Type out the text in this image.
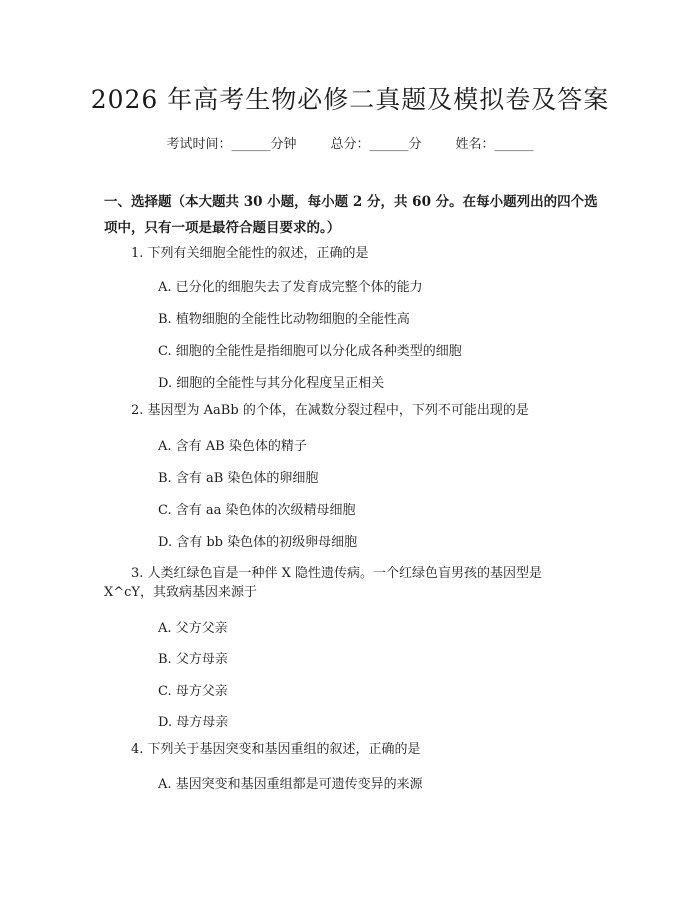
2026 年高考生物必修二真题及模拟卷及答案
考试时间：______分钟	总分：______分	姓名：______
一、选择题（本大题共 30 小题，每小题 2 分，共 60 分。在每小题列出的四个选
项中，只有一项是最符合题目要求的。）
1. 下列有关细胞全能性的叙述，正确的是
A. 已分化的细胞失去了发育成完整个体的能力
B. 植物细胞的全能性比动物细胞的全能性高
C. 细胞的全能性是指细胞可以分化成各种类型的细胞
D. 细胞的全能性与其分化程度呈正相关
2. 基因型为 AaBb 的个体，在减数分裂过程中，下列不可能出现的是
A. 含有 AB 染色体的精子
B. 含有 aB 染色体的卵细胞
C. 含有 aa 染色体的次级精母细胞
D. 含有 bb 染色体的初级卵母细胞
3. 人类红绿色盲是一种伴 X 隐性遗传病。一个红绿色盲男孩的基因型是
X^cY，其致病基因来源于
A. 父方父亲
B. 父方母亲
C. 母方父亲
D. 母方母亲
4. 下列关于基因突变和基因重组的叙述，正确的是
A. 基因突变和基因重组都是可遗传变异的来源
